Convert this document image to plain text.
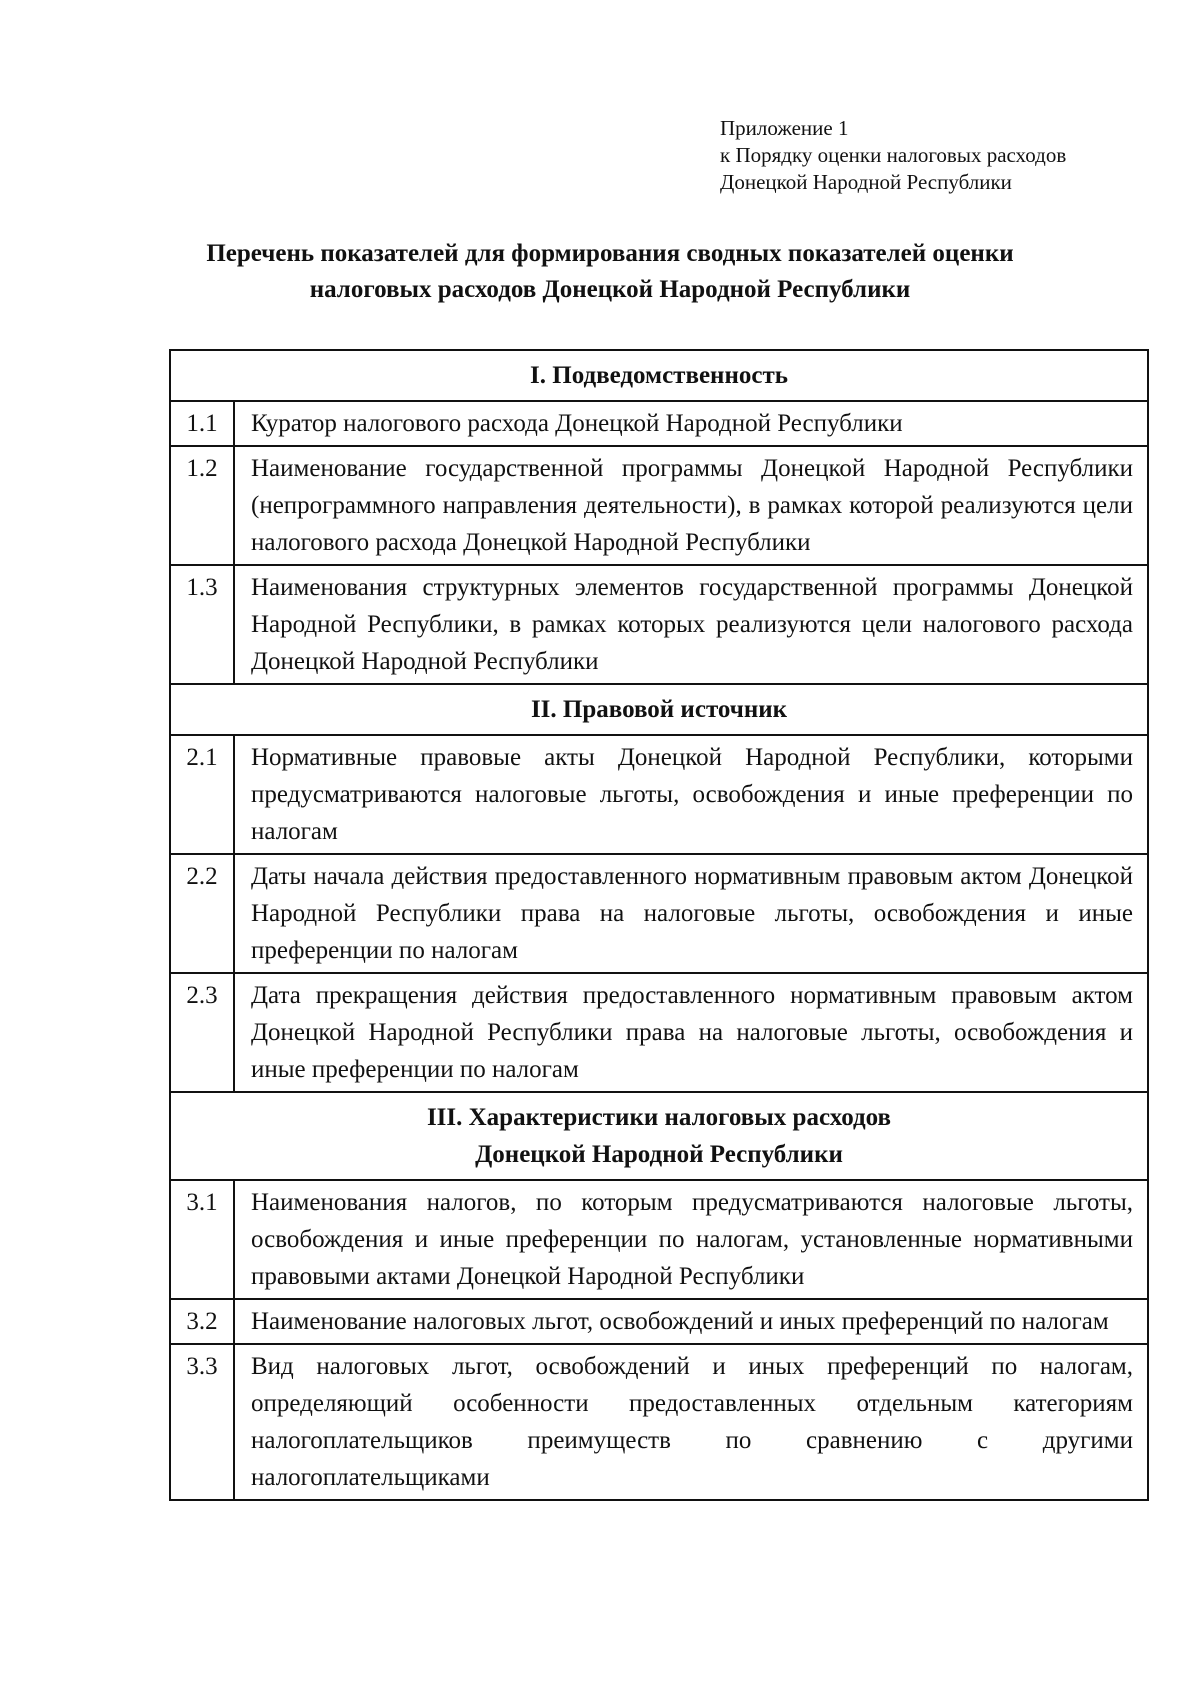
Приложение 1
к Порядку оценки налоговых расходов
Донецкой Народной Республики
Перечень показателей для формирования сводных показателей оценки
налоговых расходов Донецкой Народной Республики
I. Подведомственность	

1.1	Куратор налогового расхода Донецкой Народной Республики
1.2	Наименование государственной программы Донецкой Народной Республики (непрограммного направления деятельности), в рамках которой реализуются цели налогового расхода Донецкой Народной Республики
1.3	Наименования структурных элементов государственной программы Донецкой Народной Республики, в рамках которых реализуются цели налогового расхода Донецкой Народной Республики

II. Правовой источник	

2.1	Нормативные правовые акты Донецкой Народной Республики, которыми предусматриваются налоговые льготы, освобождения и иные преференции по налогам
2.2	Даты начала действия предоставленного нормативным правовым актом Донецкой Народной Республики права на налоговые льготы, освобождения и иные преференции по налогам
2.3	Дата прекращения действия предоставленного нормативным правовым актом Донецкой Народной Республики права на налоговые льготы, освобождения и иные преференции по налогам

III. Характеристики налоговых расходов
Донецкой Народной Республики	

3.1	Наименования налогов, по которым предусматриваются налоговые льготы, освобождения и иные преференции по налогам, установленные нормативными правовыми актами Донецкой Народной Республики
3.2	Наименование налоговых льгот, освобождений и иных преференций по налогам
3.3	Вид налоговых льгот, освобождений и иных преференций по налогам, определяющий особенности предоставленных отдельным категориям налогоплательщиков преимуществ по сравнению с другими налогоплательщиками
